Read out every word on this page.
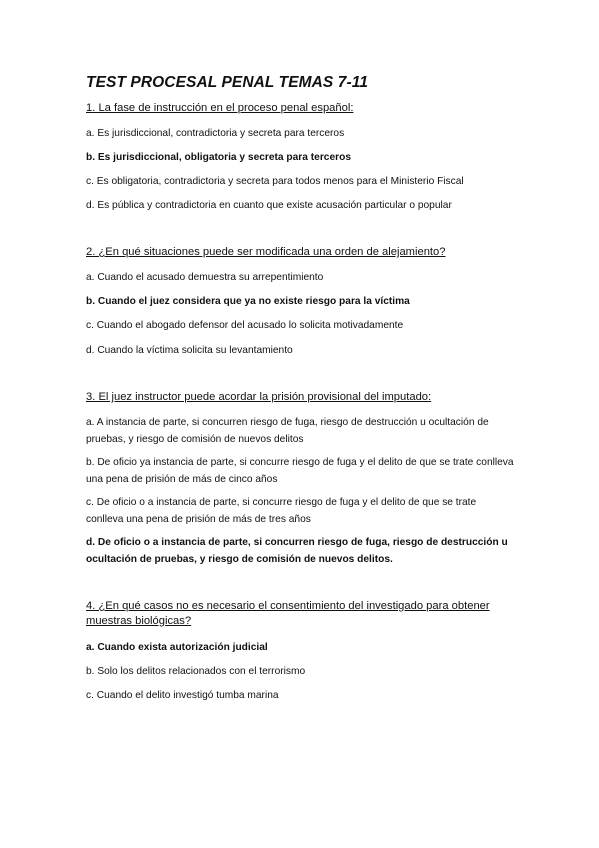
TEST PROCESAL PENAL TEMAS 7-11
1. La fase de instrucción en el proceso penal español:
a. Es jurisdiccional, contradictoria y secreta para terceros
b. Es jurisdiccional, obligatoria y secreta para terceros
c. Es obligatoria, contradictoria y secreta para todos menos para el Ministerio Fiscal
d. Es pública y contradictoria en cuanto que existe acusación particular o popular
2. ¿En qué situaciones puede ser modificada una orden de alejamiento?
a. Cuando el acusado demuestra su arrepentimiento
b. Cuando el juez considera que ya no existe riesgo para la víctima
c. Cuando el abogado defensor del acusado lo solicita motivadamente
d. Cuando la víctima solicita su levantamiento
3. El juez instructor puede acordar la prisión provisional del imputado:
a. A instancia de parte, si concurren riesgo de fuga, riesgo de destrucción u ocultación de pruebas, y riesgo de comisión de nuevos delitos
b. De oficio ya instancia de parte, si concurre riesgo de fuga y el delito de que se trate conlleva una pena de prisión de más de cinco años
c. De oficio o a instancia de parte, si concurre riesgo de fuga y el delito de que se trate conlleva una pena de prisión de más de tres años
d. De oficio o a instancia de parte, si concurren riesgo de fuga, riesgo de destrucción u ocultación de pruebas, y riesgo de comisión de nuevos delitos.
4. ¿En qué casos no es necesario el consentimiento del investigado para obtener muestras biológicas?
a. Cuando exista autorización judicial
b. Solo los delitos relacionados con el terrorismo
c. Cuando el delito investigó tumba marina
